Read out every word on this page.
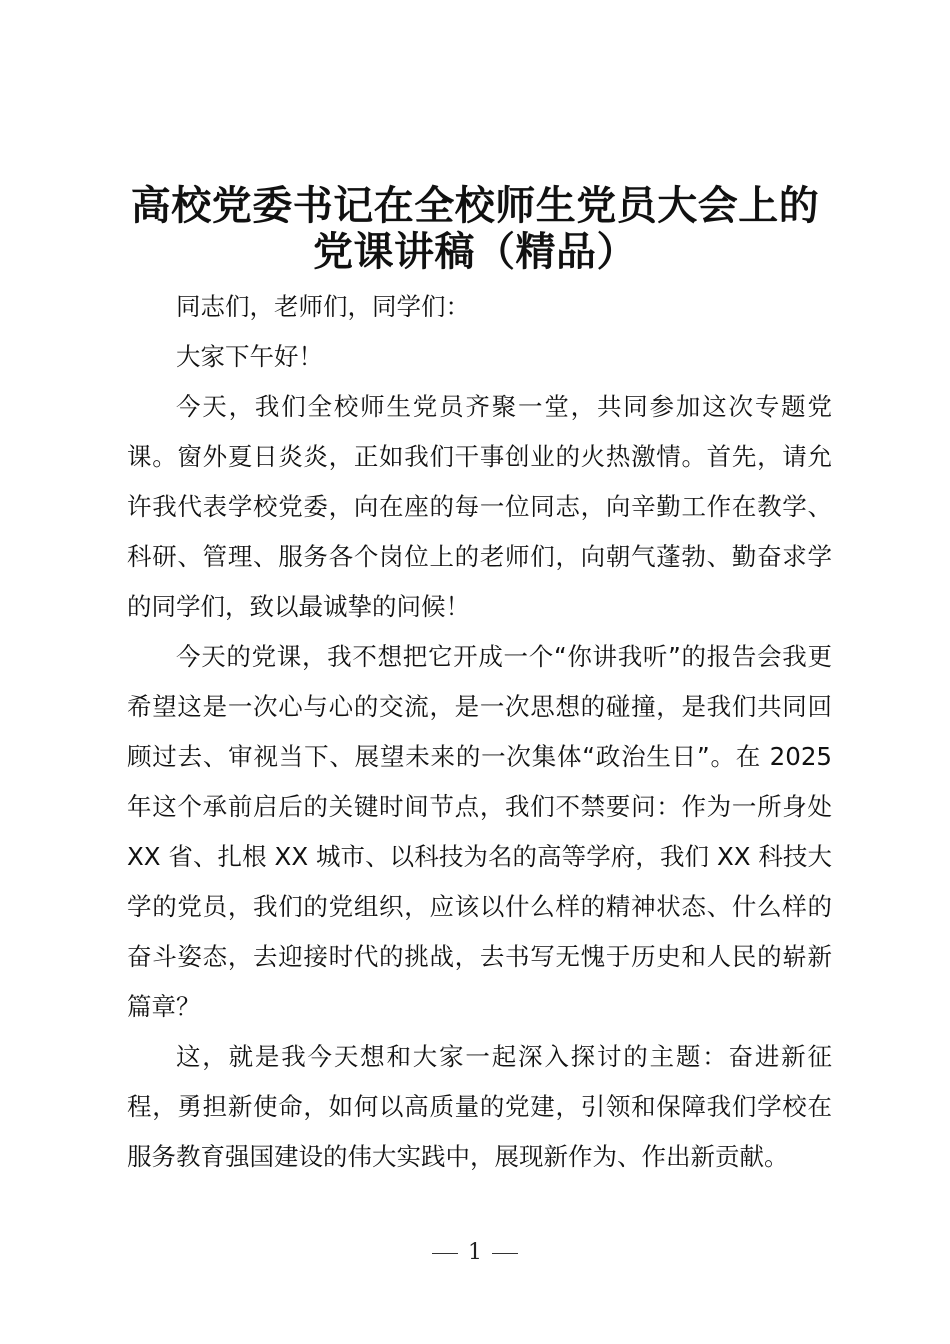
高校党委书记在全校师生党员大会上的
党课讲稿（精品）

同志们，老师们，同学们：

大家下午好！

今天，我们全校师生党员齐聚一堂，共同参加这次专题党课。窗外夏日炎炎，正如我们干事创业的火热激情。首先，请允许我代表学校党委，向在座的每一位同志，向辛勤工作在教学、科研、管理、服务各个岗位上的老师们，向朝气蓬勃、勤奋求学的同学们，致以最诚挚的问候！

今天的党课，我不想把它开成一个“你讲我听”的报告会我更希望这是一次心与心的交流，是一次思想的碰撞，是我们共同回顾过去、审视当下、展望未来的一次集体“政治生日”。在 2025 年这个承前启后的关键时间节点，我们不禁要问：作为一所身处 XX 省、扎根 XX 城市、以科技为名的高等学府，我们 XX 科技大学的党员，我们的党组织，应该以什么样的精神状态、什么样的奋斗姿态，去迎接时代的挑战，去书写无愧于历史和人民的崭新篇章？

这，就是我今天想和大家一起深入探讨的主题：奋进新征程，勇担新使命，如何以高质量的党建，引领和保障我们学校在服务教育强国建设的伟大实践中，展现新作为、作出新贡献。

1
